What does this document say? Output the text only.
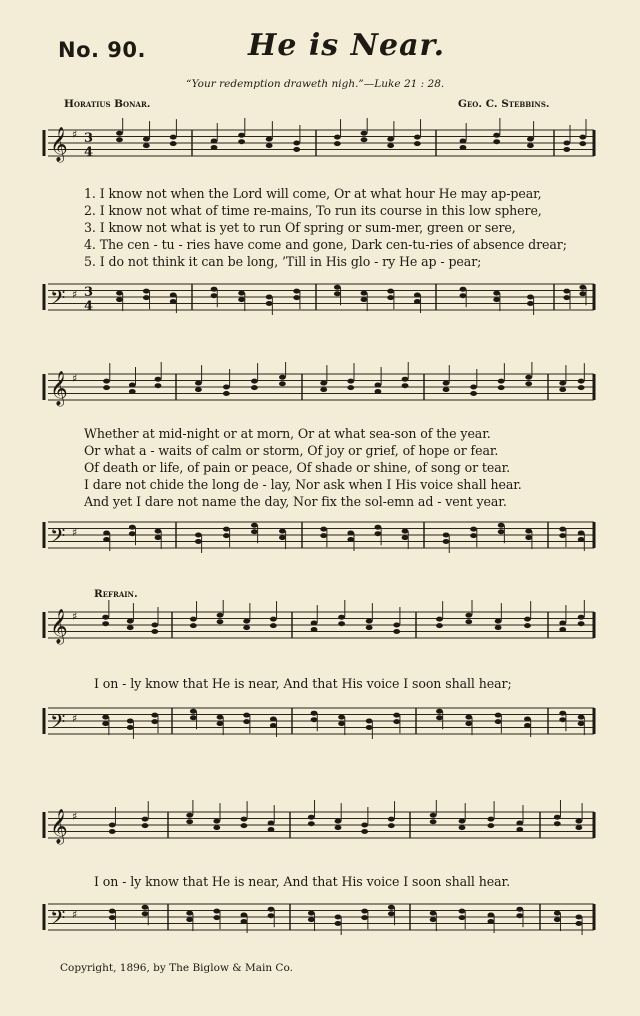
No. 90.	He is Near.
“Your redemption draweth nigh.”—Luke 21 : 28.
Horatius Bonar.	Geo. C. Stebbins.
𝄞 ♯ 3
4
1. I know not when the Lord will come, Or at what hour He may ap-pear,
2. I know not what of time re-mains, To run its course in this low sphere,
3. I know not what is yet to run Of spring or sum-mer, green or sere,
4. The cen - tu - ries have come and gone, Dark cen-tu-ries of absence drear;
5. I do not think it can be long, ’Till in His glo - ry He ap - pear;
𝄢 ♯ 3
4
𝄞 ♯
Whether at mid-night or at morn, Or at what sea-son of the year.
Or what a - waits of calm or storm, Of joy or grief, of hope or fear.
Of death or life, of pain or peace, Of shade or shine, of song or tear.
I dare not chide the long de - lay, Nor ask when I His voice shall hear.
And yet I dare not name the day, Nor fix the sol-emn ad - vent year.
𝄢 ♯
Refrain.
𝄞 ♯
I on - ly know that He is near, And that His voice I soon shall hear;
𝄢 ♯
𝄞 ♯
I on - ly know that He is near, And that His voice I soon shall hear.
𝄢 ♯
Copyright, 1896, by The Biglow & Main Co.
